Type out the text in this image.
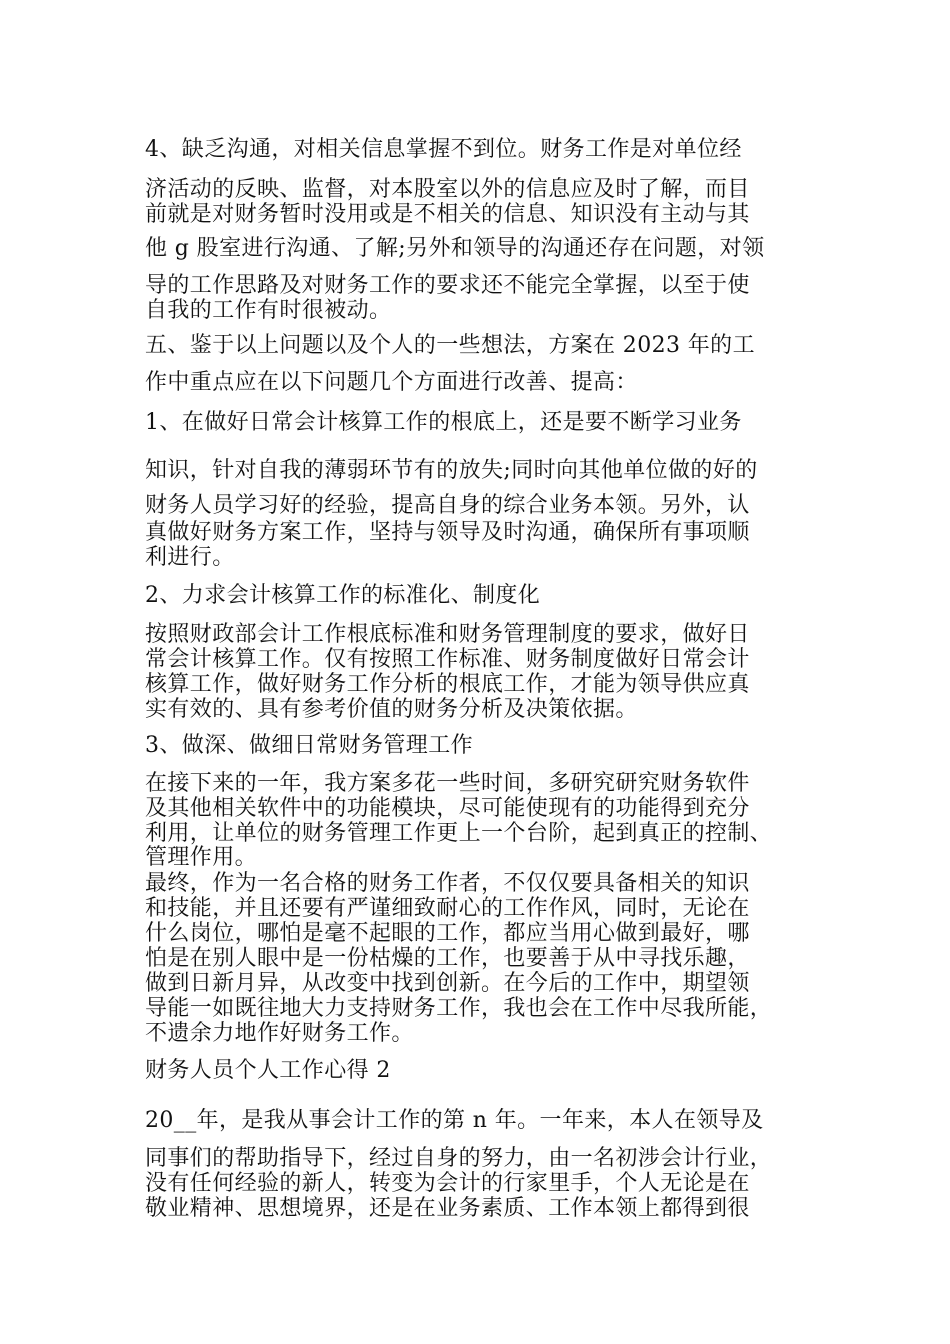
4、缺乏沟通，对相关信息掌握不到位。财务工作是对单位经
济活动的反映、监督，对本股室以外的信息应及时了解，而目
前就是对财务暂时没用或是不相关的信息、知识没有主动与其
他 g 股室进行沟通、了解;另外和领导的沟通还存在问题，对领
导的工作思路及对财务工作的要求还不能完全掌握，以至于使
自我的工作有时很被动。
五、鉴于以上问题以及个人的一些想法，方案在 2023 年的工
作中重点应在以下问题几个方面进行改善、提高：
1、在做好日常会计核算工作的根底上，还是要不断学习业务
知识，针对自我的薄弱环节有的放失;同时向其他单位做的好的
财务人员学习好的经验，提高自身的综合业务本领。另外，认
真做好财务方案工作，坚持与领导及时沟通，确保所有事项顺
利进行。
2、力求会计核算工作的标准化、制度化
按照财政部会计工作根底标准和财务管理制度的要求，做好日
常会计核算工作。仅有按照工作标准、财务制度做好日常会计
核算工作，做好财务工作分析的根底工作，才能为领导供应真
实有效的、具有参考价值的财务分析及决策依据。
3、做深、做细日常财务管理工作
在接下来的一年，我方案多花一些时间，多研究研究财务软件
及其他相关软件中的功能模块，尽可能使现有的功能得到充分
利用，让单位的财务管理工作更上一个台阶，起到真正的控制、
管理作用。
最终，作为一名合格的财务工作者，不仅仅要具备相关的知识
和技能，并且还要有严谨细致耐心的工作作风，同时，无论在
什么岗位，哪怕是毫不起眼的工作，都应当用心做到最好，哪
怕是在别人眼中是一份枯燥的工作，也要善于从中寻找乐趣，
做到日新月异，从改变中找到创新。在今后的工作中，期望领
导能一如既往地大力支持财务工作，我也会在工作中尽我所能，
不遗余力地作好财务工作。
财务人员个人工作心得 2
20__年，是我从事会计工作的第 n 年。一年来，本人在领导及
同事们的帮助指导下，经过自身的努力，由一名初涉会计行业，
没有任何经验的新人，转变为会计的行家里手，个人无论是在
敬业精神、思想境界，还是在业务素质、工作本领上都得到很
